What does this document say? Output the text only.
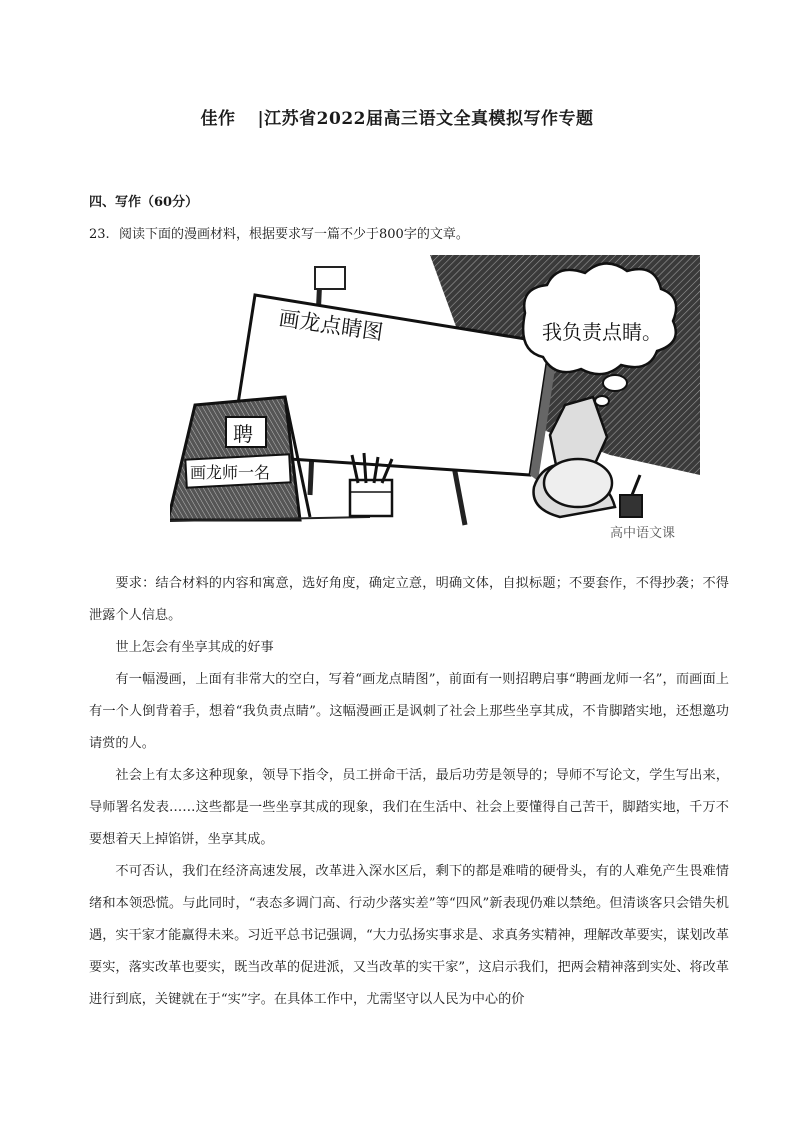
佳作 |江苏省2022届高三语文全真模拟写作专题
四、写作（60分）
23. 阅读下面的漫画材料，根据要求写一篇不少于800字的文章。
画龙点睛图
聘
画龙师一名
我负责点睛。
高中语文课

要求：结合材料的内容和寓意，选好角度，确定立意，明确文体，自拟标题；不要套作，不得抄袭；不得泄露个人信息。

世上怎会有坐享其成的好事

有一幅漫画，上面有非常大的空白，写着“画龙点睛图”，前面有一则招聘启事“聘画龙师一名”，而画面上有一个人倒背着手，想着“我负责点睛”。这幅漫画正是讽刺了社会上那些坐享其成，不肯脚踏实地，还想邀功请赏的人。

社会上有太多这种现象，领导下指令，员工拼命干活，最后功劳是领导的；导师不写论文，学生写出来，导师署名发表……这些都是一些坐享其成的现象，我们在生活中、社会上要懂得自己苦干，脚踏实地，千万不要想着天上掉馅饼，坐享其成。

不可否认，我们在经济高速发展，改革进入深水区后，剩下的都是难啃的硬骨头，有的人难免产生畏难情绪和本领恐慌。与此同时，“表态多调门高、行动少落实差”等“四风”新表现仍难以禁绝。但清谈客只会错失机遇，实干家才能赢得未来。习近平总书记强调，“大力弘扬实事求是、求真务实精神，理解改革要实，谋划改革要实，落实改革也要实，既当改革的促进派，又当改革的实干家”，这启示我们，把两会精神落到实处、将改革进行到底，关键就在于“实”字。在具体工作中，尤需坚守以人民为中心的价
